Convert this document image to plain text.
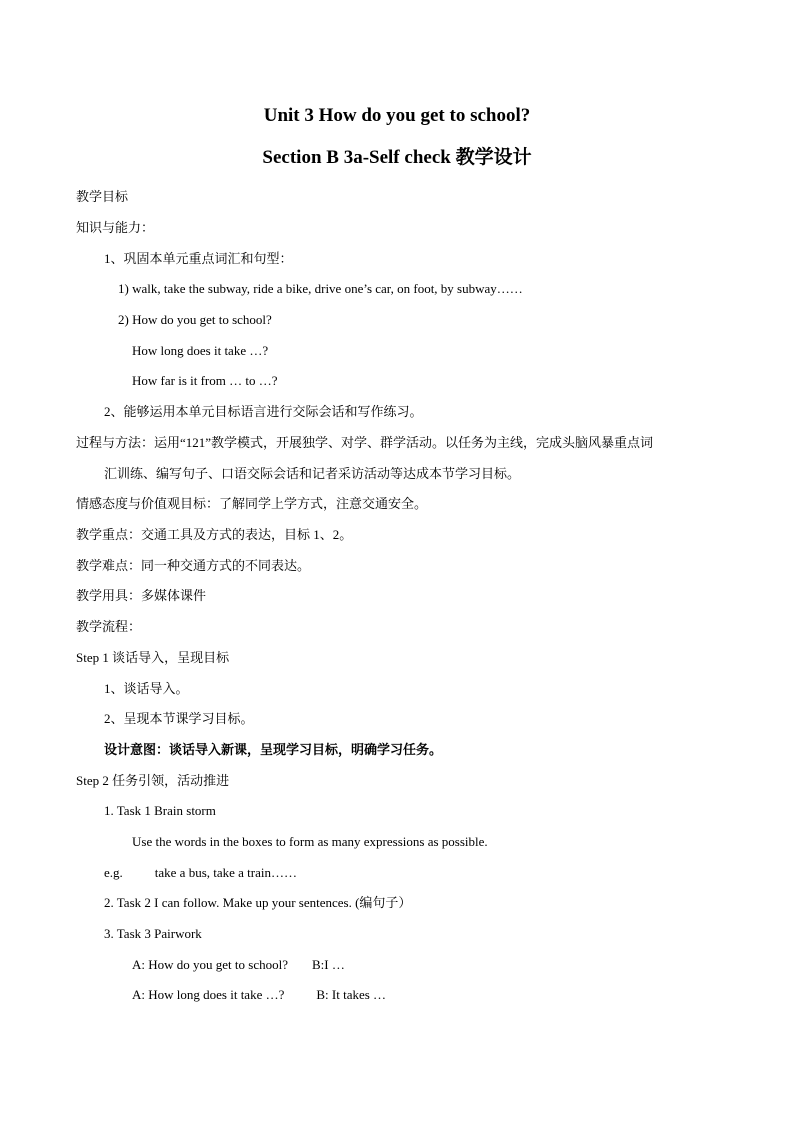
Unit 3 How do you get to school?
Section B 3a-Self check 教学设计
教学目标
知识与能力：
1、巩固本单元重点词汇和句型：
1) walk, take the subway, ride a bike, drive one’s car, on foot, by subway……
2) How do you get to school?
How long does it take …?
How far is it from … to …?
2、能够运用本单元目标语言进行交际会话和写作练习。
过程与方法：运用“121”教学模式，开展独学、对学、群学活动。以任务为主线，完成头脑风暴重点词
汇训练、编写句子、口语交际会话和记者采访活动等达成本节学习目标。
情感态度与价值观目标：了解同学上学方式，注意交通安全。
教学重点：交通工具及方式的表达，目标 1、2。
教学难点：同一种交通方式的不同表达。
教学用具：多媒体课件
教学流程：
Step 1 谈话导入，呈现目标
1、谈话导入。
2、呈现本节课学习目标。
设计意图：谈话导入新课，呈现学习目标，明确学习任务。
Step 2 任务引领，活动推进
1. Task 1 Brain storm
Use the words in the boxes to form as many expressions as possible.
e.g. take a bus, take a train……
2. Task 2 I can follow. Make up your sentences. (编句子）
3. Task 3 Pairwork
A: How do you get to school? B:I …
A: How long does it take …? B: It takes …
